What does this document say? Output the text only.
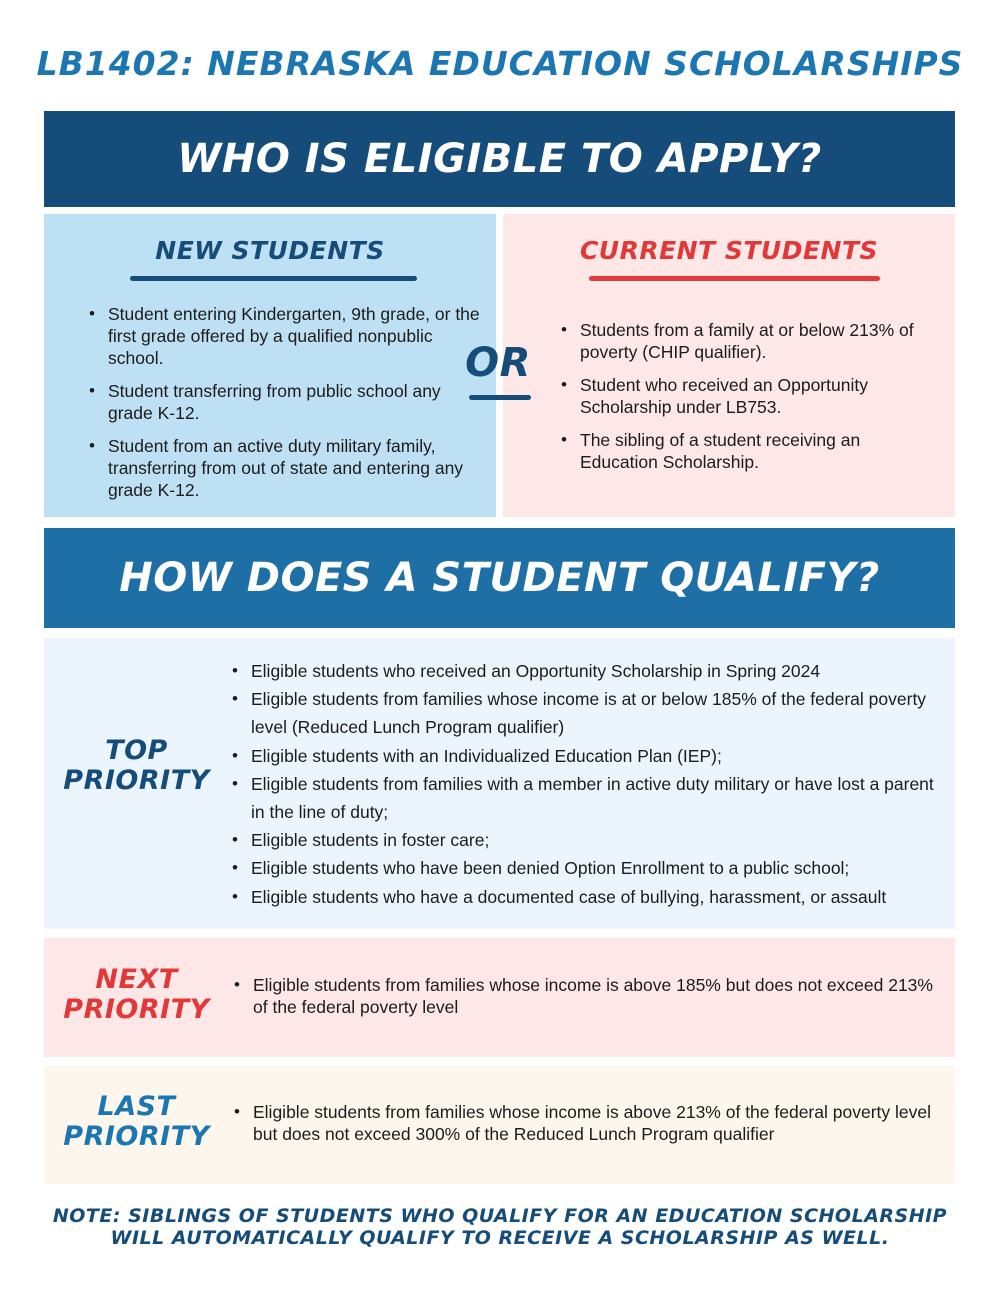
LB1402: NEBRASKA EDUCATION SCHOLARSHIPS
WHO IS ELIGIBLE TO APPLY?
NEW STUDENTS
• Student entering Kindergarten, 9th grade, or the first grade offered by a qualified nonpublic school.
• Student transferring from public school any grade K-12.
• Student from an active duty military family, transferring from out of state and entering any grade K-12.
CURRENT STUDENTS
• Students from a family at or below 213% of poverty (CHIP qualifier).
• Student who received an Opportunity Scholarship under LB753.
• The sibling of a student receiving an Education Scholarship.
OR
HOW DOES A STUDENT QUALIFY?
TOP
PRIORITY
• Eligible students who received an Opportunity Scholarship in Spring 2024
• Eligible students from families whose income is at or below 185% of the federal poverty level (Reduced Lunch Program qualifier)
• Eligible students with an Individualized Education Plan (IEP);
• Eligible students from families with a member in active duty military or have lost a parent in the line of duty;
• Eligible students in foster care;
• Eligible students who have been denied Option Enrollment to a public school;
• Eligible students who have a documented case of bullying, harassment, or assault
NEXT
PRIORITY
• Eligible students from families whose income is above 185% but does not exceed 213% of the federal poverty level
LAST
PRIORITY
• Eligible students from families whose income is above 213% of the federal poverty level but does not exceed 300% of the Reduced Lunch Program qualifier
NOTE: SIBLINGS OF STUDENTS WHO QUALIFY FOR AN EDUCATION SCHOLARSHIP
WILL AUTOMATICALLY QUALIFY TO RECEIVE A SCHOLARSHIP AS WELL.
